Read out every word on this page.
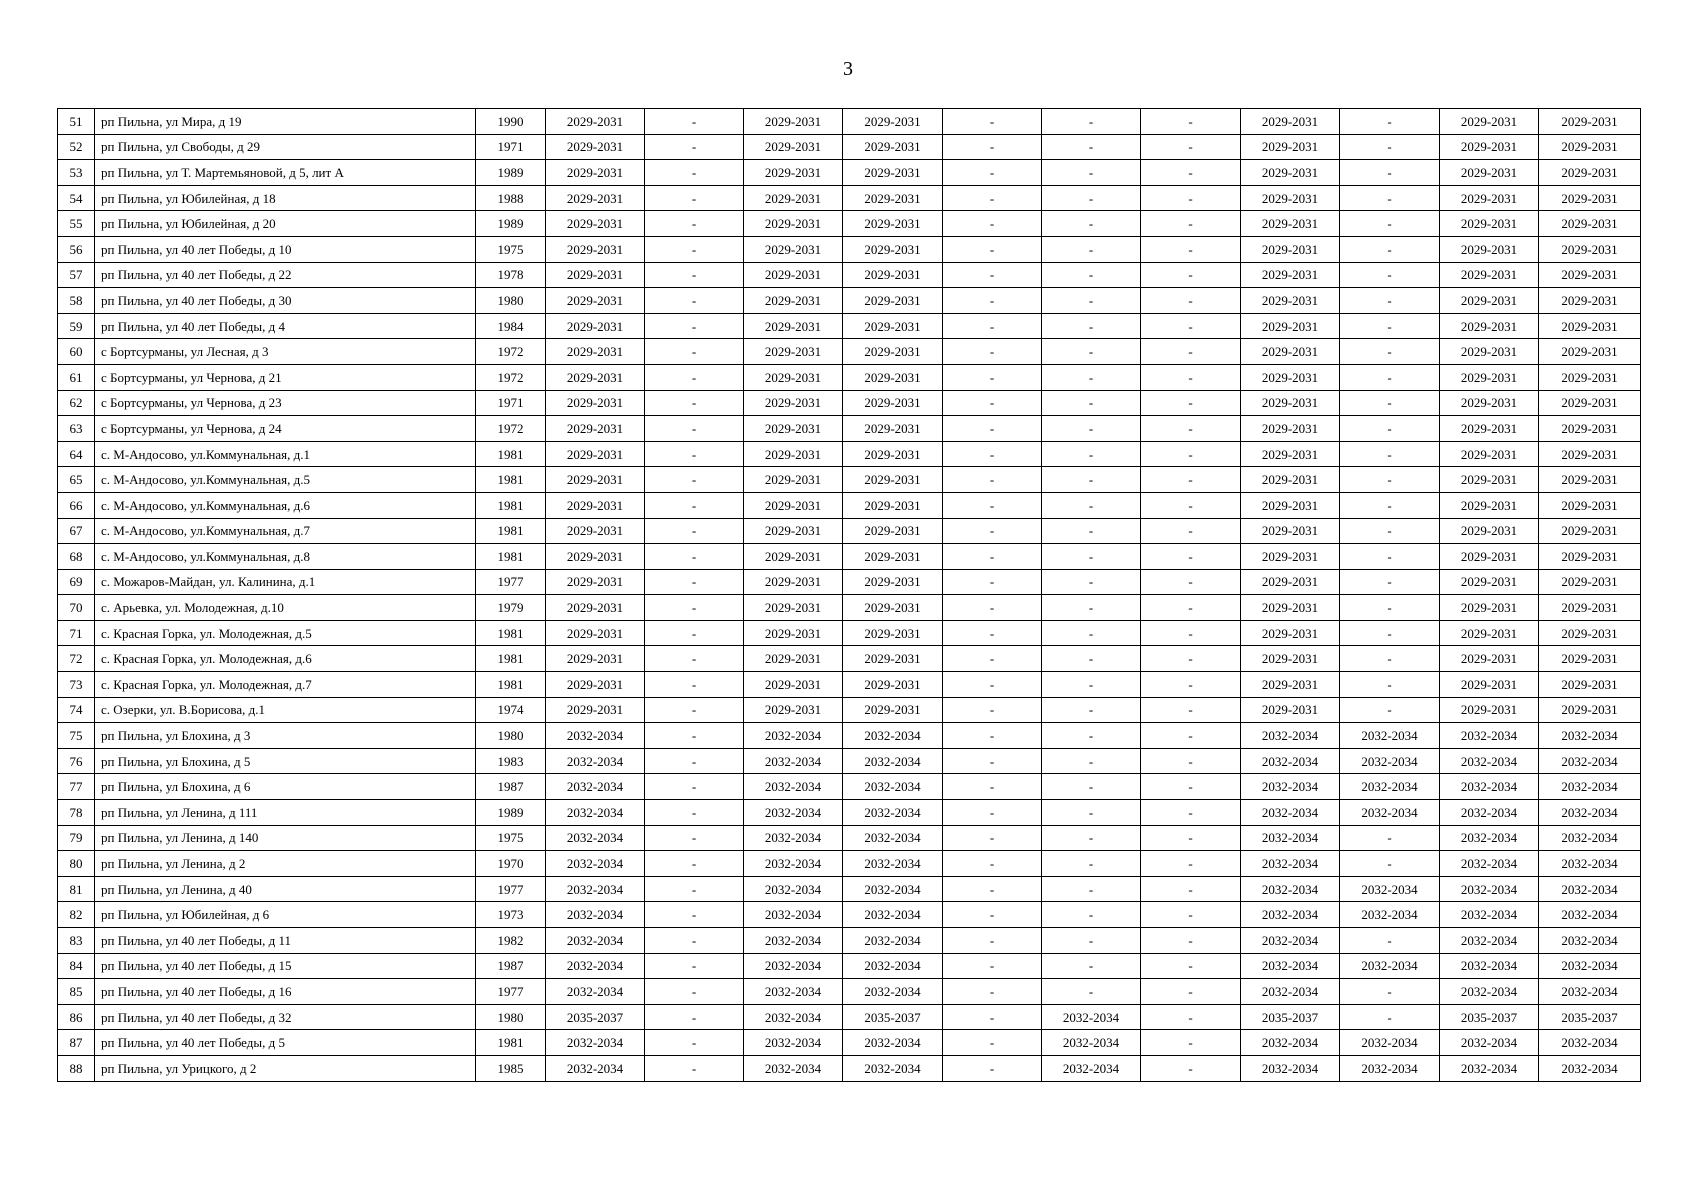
3
51	рп Пильна, ул Мира, д 19	1990	2029-2031	-	2029-2031	2029-2031	-	-	-	2029-2031	-	2029-2031	2029-2031
52	рп Пильна, ул Свободы, д 29	1971	2029-2031	-	2029-2031	2029-2031	-	-	-	2029-2031	-	2029-2031	2029-2031
53	рп Пильна, ул Т. Мартемьяновой, д 5, лит А	1989	2029-2031	-	2029-2031	2029-2031	-	-	-	2029-2031	-	2029-2031	2029-2031
54	рп Пильна, ул Юбилейная, д 18	1988	2029-2031	-	2029-2031	2029-2031	-	-	-	2029-2031	-	2029-2031	2029-2031
55	рп Пильна, ул Юбилейная, д 20	1989	2029-2031	-	2029-2031	2029-2031	-	-	-	2029-2031	-	2029-2031	2029-2031
56	рп Пильна, ул 40 лет Победы, д 10	1975	2029-2031	-	2029-2031	2029-2031	-	-	-	2029-2031	-	2029-2031	2029-2031
57	рп Пильна, ул 40 лет Победы, д 22	1978	2029-2031	-	2029-2031	2029-2031	-	-	-	2029-2031	-	2029-2031	2029-2031
58	рп Пильна, ул 40 лет Победы, д 30	1980	2029-2031	-	2029-2031	2029-2031	-	-	-	2029-2031	-	2029-2031	2029-2031
59	рп Пильна, ул 40 лет Победы, д 4	1984	2029-2031	-	2029-2031	2029-2031	-	-	-	2029-2031	-	2029-2031	2029-2031
60	с Бортсурманы, ул Лесная, д 3	1972	2029-2031	-	2029-2031	2029-2031	-	-	-	2029-2031	-	2029-2031	2029-2031
61	с Бортсурманы, ул Чернова, д 21	1972	2029-2031	-	2029-2031	2029-2031	-	-	-	2029-2031	-	2029-2031	2029-2031
62	с Бортсурманы, ул Чернова, д 23	1971	2029-2031	-	2029-2031	2029-2031	-	-	-	2029-2031	-	2029-2031	2029-2031
63	с Бортсурманы, ул Чернова, д 24	1972	2029-2031	-	2029-2031	2029-2031	-	-	-	2029-2031	-	2029-2031	2029-2031
64	с. М-Андосово, ул.Коммунальная, д.1	1981	2029-2031	-	2029-2031	2029-2031	-	-	-	2029-2031	-	2029-2031	2029-2031
65	с. М-Андосово, ул.Коммунальная, д.5	1981	2029-2031	-	2029-2031	2029-2031	-	-	-	2029-2031	-	2029-2031	2029-2031
66	с. М-Андосово, ул.Коммунальная, д.6	1981	2029-2031	-	2029-2031	2029-2031	-	-	-	2029-2031	-	2029-2031	2029-2031
67	с. М-Андосово, ул.Коммунальная, д.7	1981	2029-2031	-	2029-2031	2029-2031	-	-	-	2029-2031	-	2029-2031	2029-2031
68	с. М-Андосово, ул.Коммунальная, д.8	1981	2029-2031	-	2029-2031	2029-2031	-	-	-	2029-2031	-	2029-2031	2029-2031
69	с. Можаров-Майдан, ул. Калинина, д.1	1977	2029-2031	-	2029-2031	2029-2031	-	-	-	2029-2031	-	2029-2031	2029-2031
70	с. Арьевка, ул. Молодежная, д.10	1979	2029-2031	-	2029-2031	2029-2031	-	-	-	2029-2031	-	2029-2031	2029-2031
71	с. Красная Горка, ул. Молодежная, д.5	1981	2029-2031	-	2029-2031	2029-2031	-	-	-	2029-2031	-	2029-2031	2029-2031
72	с. Красная Горка, ул. Молодежная, д.6	1981	2029-2031	-	2029-2031	2029-2031	-	-	-	2029-2031	-	2029-2031	2029-2031
73	с. Красная Горка, ул. Молодежная, д.7	1981	2029-2031	-	2029-2031	2029-2031	-	-	-	2029-2031	-	2029-2031	2029-2031
74	с. Озерки, ул. В.Борисова, д.1	1974	2029-2031	-	2029-2031	2029-2031	-	-	-	2029-2031	-	2029-2031	2029-2031
75	рп Пильна, ул Блохина, д 3	1980	2032-2034	-	2032-2034	2032-2034	-	-	-	2032-2034	2032-2034	2032-2034	2032-2034
76	рп Пильна, ул Блохина, д 5	1983	2032-2034	-	2032-2034	2032-2034	-	-	-	2032-2034	2032-2034	2032-2034	2032-2034
77	рп Пильна, ул Блохина, д 6	1987	2032-2034	-	2032-2034	2032-2034	-	-	-	2032-2034	2032-2034	2032-2034	2032-2034
78	рп Пильна, ул Ленина, д 111	1989	2032-2034	-	2032-2034	2032-2034	-	-	-	2032-2034	2032-2034	2032-2034	2032-2034
79	рп Пильна, ул Ленина, д 140	1975	2032-2034	-	2032-2034	2032-2034	-	-	-	2032-2034	-	2032-2034	2032-2034
80	рп Пильна, ул Ленина, д 2	1970	2032-2034	-	2032-2034	2032-2034	-	-	-	2032-2034	-	2032-2034	2032-2034
81	рп Пильна, ул Ленина, д 40	1977	2032-2034	-	2032-2034	2032-2034	-	-	-	2032-2034	2032-2034	2032-2034	2032-2034
82	рп Пильна, ул Юбилейная, д 6	1973	2032-2034	-	2032-2034	2032-2034	-	-	-	2032-2034	2032-2034	2032-2034	2032-2034
83	рп Пильна, ул 40 лет Победы, д 11	1982	2032-2034	-	2032-2034	2032-2034	-	-	-	2032-2034	-	2032-2034	2032-2034
84	рп Пильна, ул 40 лет Победы, д 15	1987	2032-2034	-	2032-2034	2032-2034	-	-	-	2032-2034	2032-2034	2032-2034	2032-2034
85	рп Пильна, ул 40 лет Победы, д 16	1977	2032-2034	-	2032-2034	2032-2034	-	-	-	2032-2034	-	2032-2034	2032-2034
86	рп Пильна, ул 40 лет Победы, д 32	1980	2035-2037	-	2032-2034	2035-2037	-	2032-2034	-	2035-2037	-	2035-2037	2035-2037
87	рп Пильна, ул 40 лет Победы, д 5	1981	2032-2034	-	2032-2034	2032-2034	-	2032-2034	-	2032-2034	2032-2034	2032-2034	2032-2034
88	рп Пильна, ул Урицкого, д 2	1985	2032-2034	-	2032-2034	2032-2034	-	2032-2034	-	2032-2034	2032-2034	2032-2034	2032-2034
